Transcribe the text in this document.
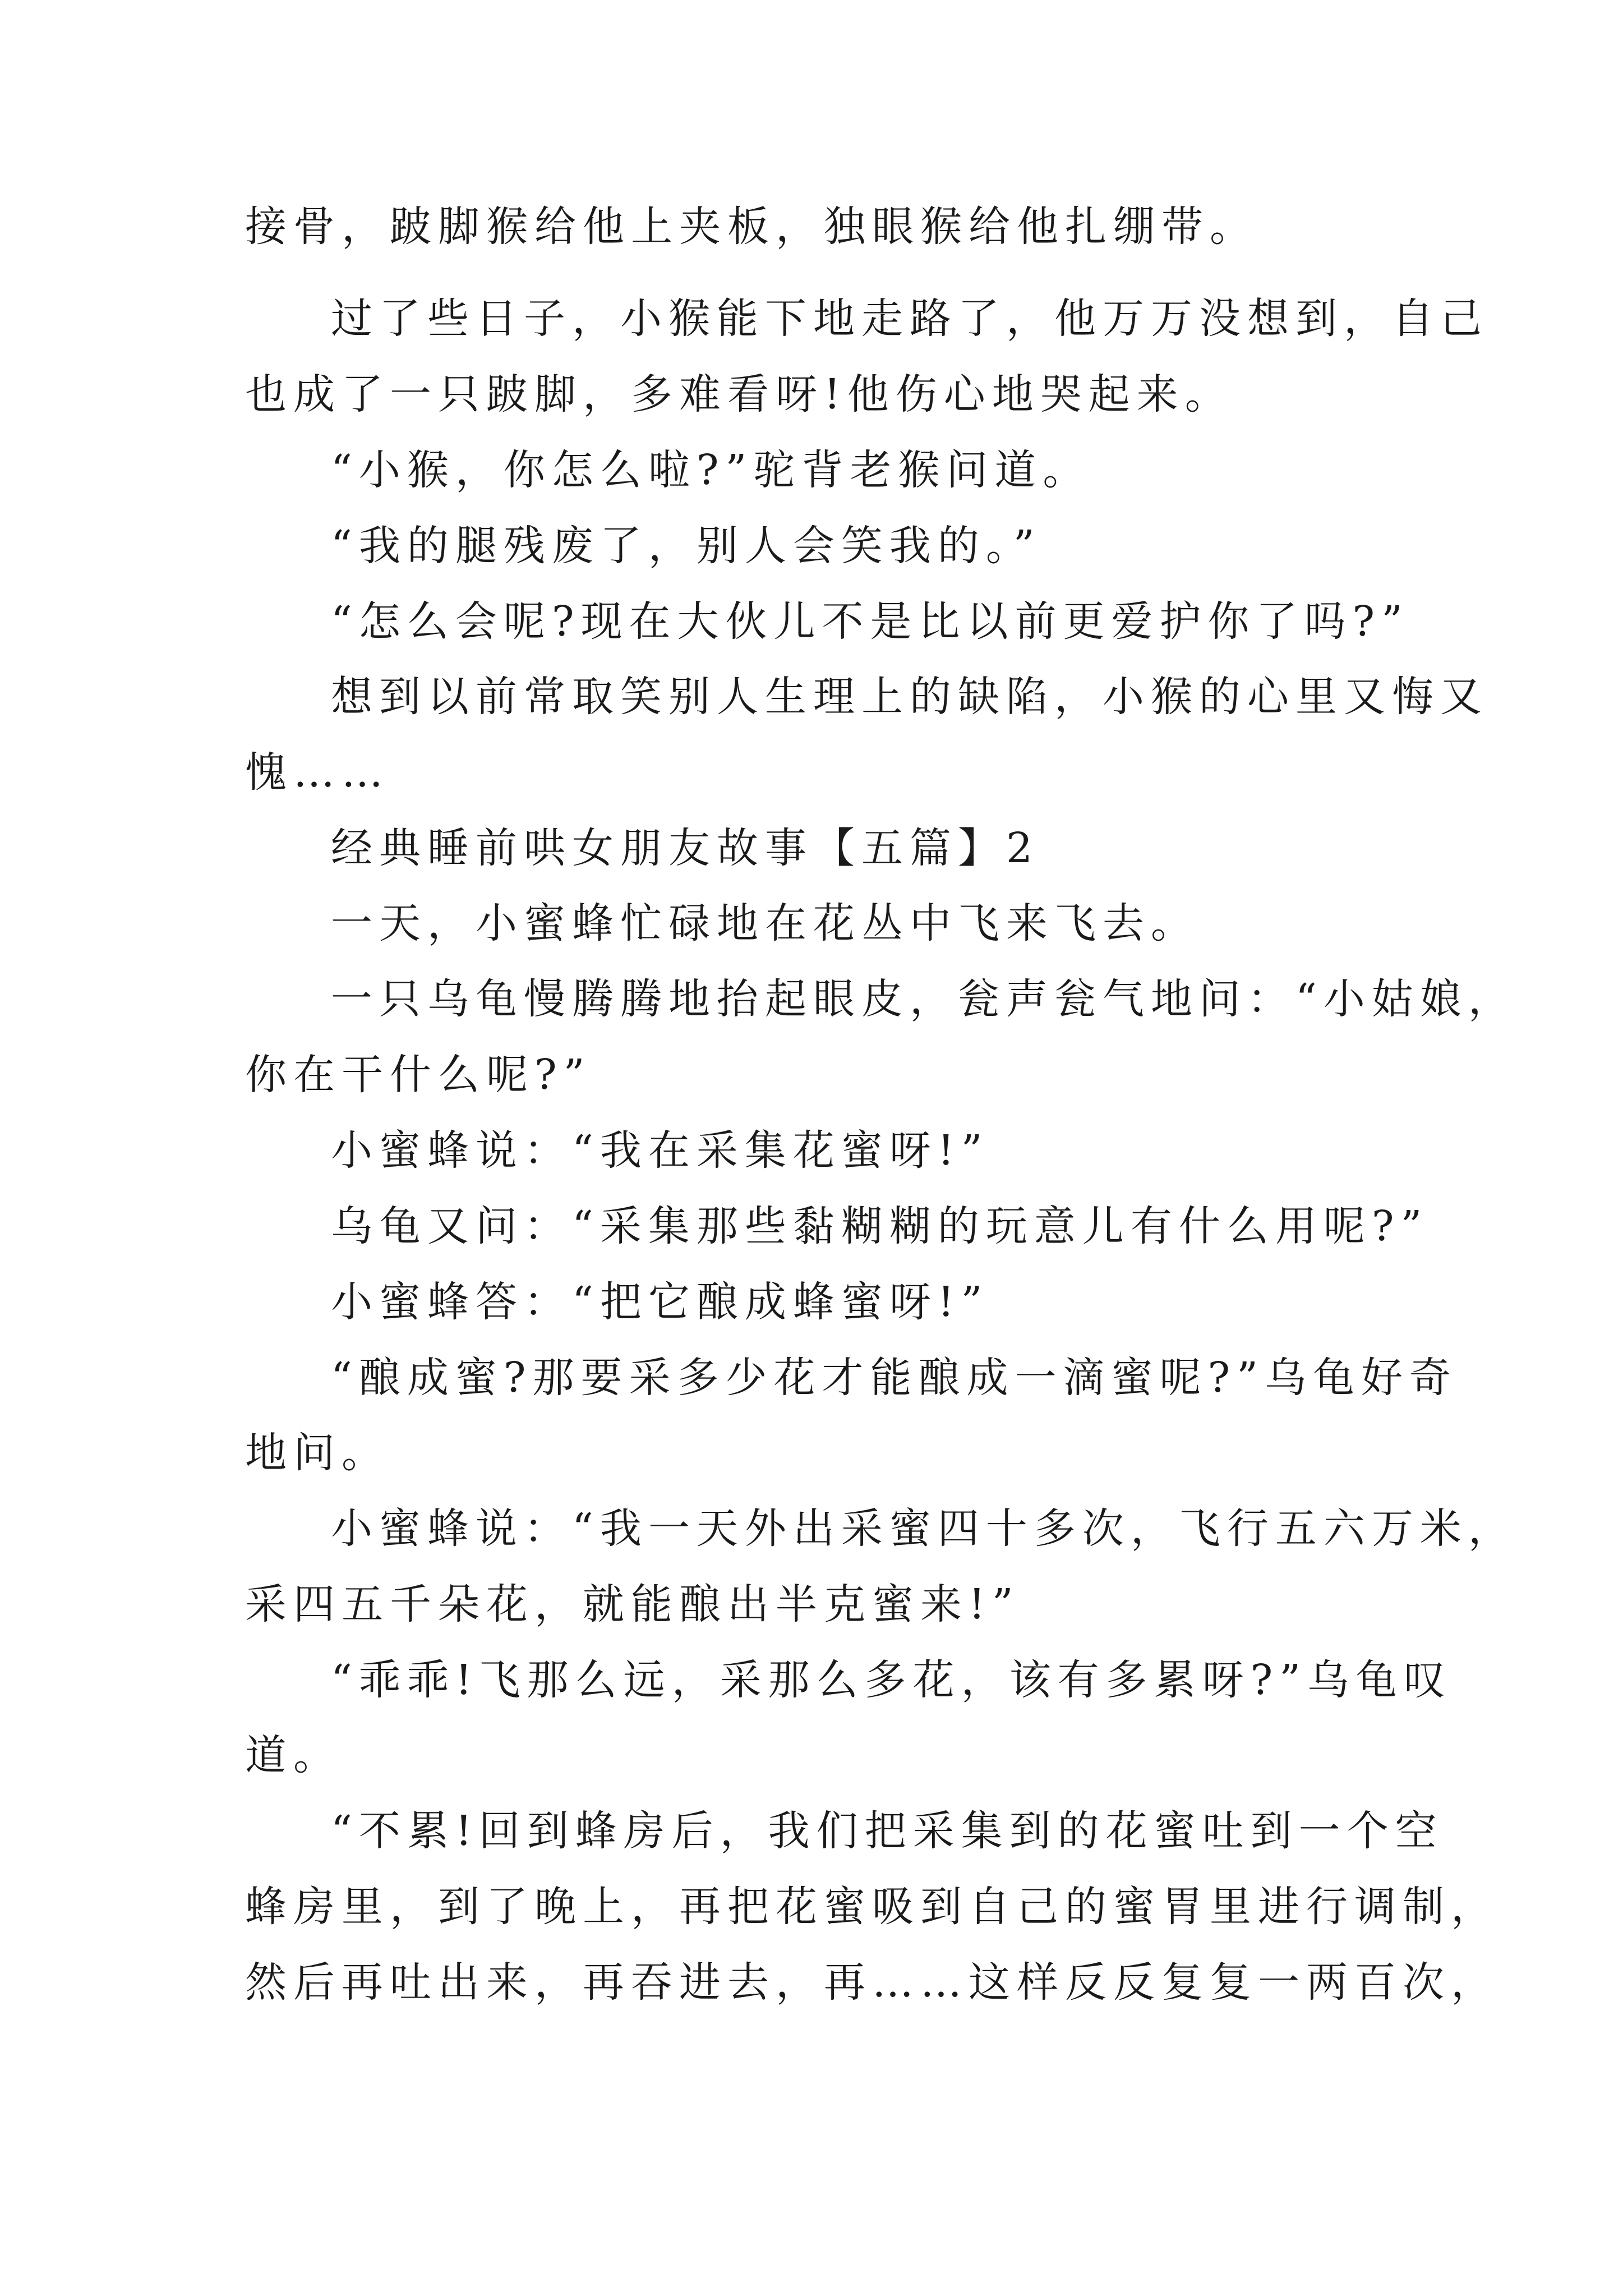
接骨，跛脚猴给他上夹板，独眼猴给他扎绷带。

过了些日子，小猴能下地走路了，他万万没想到，自己

也成了一只跛脚，多难看呀!他伤心地哭起来。

“小猴，你怎么啦?”驼背老猴问道。

“我的腿残废了，别人会笑我的。”

“怎么会呢?现在大伙儿不是比以前更爱护你了吗?”

想到以前常取笑别人生理上的缺陷，小猴的心里又悔又

愧……

经典睡前哄女朋友故事【五篇】2

一天，小蜜蜂忙碌地在花丛中飞来飞去。

一只乌龟慢腾腾地抬起眼皮，瓮声瓮气地问：“小姑娘，

你在干什么呢?”

小蜜蜂说：“我在采集花蜜呀!”

乌龟又问：“采集那些黏糊糊的玩意儿有什么用呢?”

小蜜蜂答：“把它酿成蜂蜜呀!”

“酿成蜜?那要采多少花才能酿成一滴蜜呢?”乌龟好奇

地问。

小蜜蜂说：“我一天外出采蜜四十多次，飞行五六万米，

采四五千朵花，就能酿出半克蜜来!”

“乖乖!飞那么远，采那么多花，该有多累呀?”乌龟叹

道。

“不累!回到蜂房后，我们把采集到的花蜜吐到一个空

蜂房里，到了晚上，再把花蜜吸到自己的蜜胃里进行调制，

然后再吐出来，再吞进去，再……这样反反复复一两百次，
